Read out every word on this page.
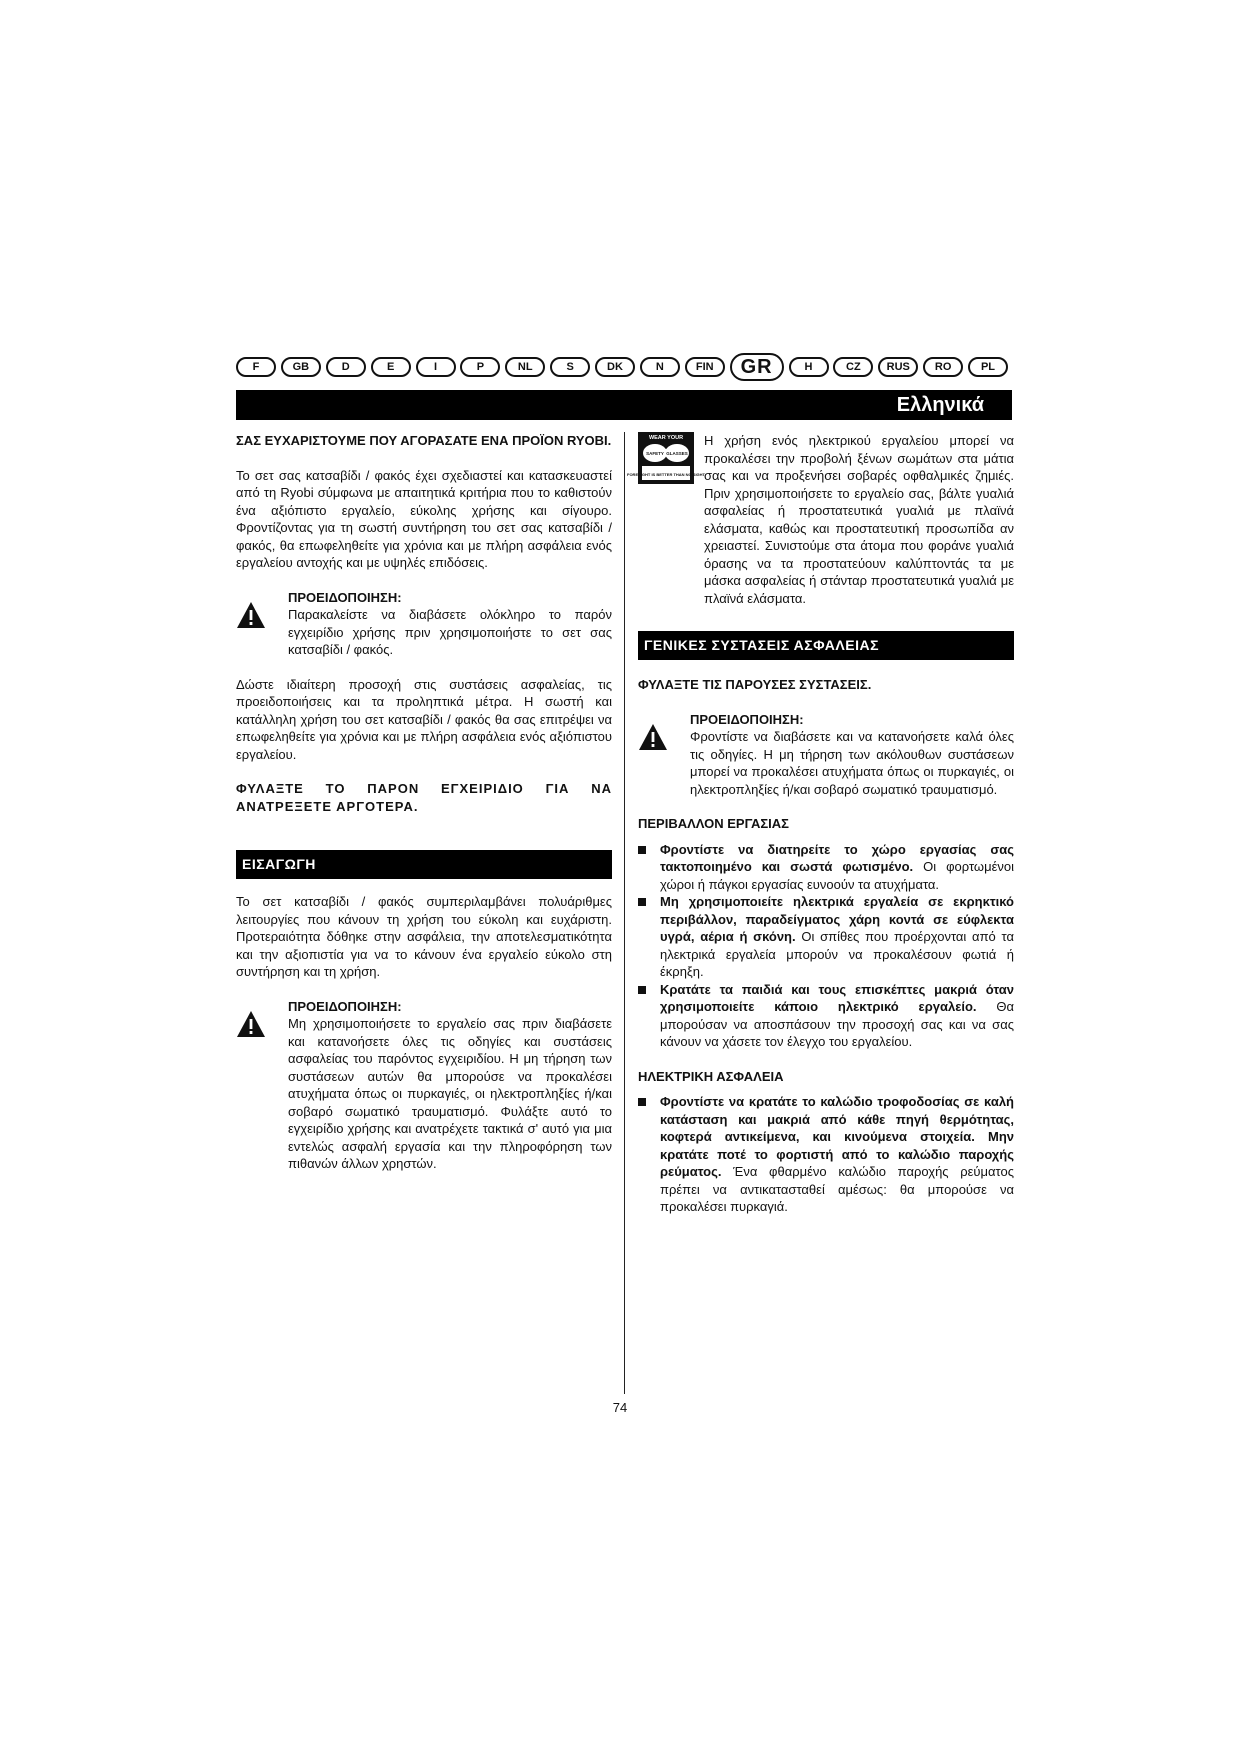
F	GB	D	E	I	P	NL	S	DK	N	FIN	GR	H	CZ	RUS	RO	PL
Ελληνικά

ΣΑΣ ΕΥΧΑΡΙΣΤΟΥΜΕ ΠΟΥ ΑΓΟΡΑΣΑΤΕ ΕΝΑ ΠΡΟΪΟΝ RYOBI.

Το σετ σας κατσαβίδι / φακός έχει σχεδιαστεί και κατασκευαστεί από τη Ryobi σύμφωνα με απαιτητικά κριτήρια που το καθιστούν ένα αξιόπιστο εργαλείο, εύκολης χρήσης και σίγουρο. Φροντίζοντας για τη σωστή συντήρηση του σετ σας κατσαβίδι / φακός, θα επωφεληθείτε για χρόνια και με πλήρη ασφάλεια ενός εργαλείου αντοχής και με υψηλές επιδόσεις.

ΠΡΟΕΙΔΟΠΟΙΗΣΗ:

Παρακαλείστε να διαβάσετε ολόκληρο το παρόν εγχειρίδιο χρήσης πριν χρησιμοποιήστε το σετ σας κατσαβίδι / φακός.

Δώστε ιδιαίτερη προσοχή στις συστάσεις ασφαλείας, τις προειδοποιήσεις και τα προληπτικά μέτρα. Η σωστή και κατάλληλη χρήση του σετ κατσαβίδι / φακός θα σας επιτρέψει να επωφεληθείτε για χρόνια και με πλήρη ασφάλεια ενός αξιόπιστου εργαλείου.

ΦΥΛΑΞΤΕ ΤΟ ΠΑΡΟΝ ΕΓΧΕΙΡΙΔΙΟ ΓΙΑ ΝΑ ΑΝΑΤΡΕΞΕΤΕ ΑΡΓΟΤΕΡΑ.

ΕΙΣΑΓΩΓΗ

Το σετ κατσαβίδι / φακός συμπεριλαμβάνει πολυάριθμες λειτουργίες που κάνουν τη χρήση του εύκολη και ευχάριστη. Προτεραιότητα δόθηκε στην ασφάλεια, την αποτελεσματικότητα και την αξιοπιστία για να το κάνουν ένα εργαλείο εύκολο στη συντήρηση και τη χρήση.

ΠΡΟΕΙΔΟΠΟΙΗΣΗ:

Μη χρησιμοποιήσετε το εργαλείο σας πριν διαβάσετε και κατανοήσετε όλες τις οδηγίες και συστάσεις ασφαλείας του παρόντος εγχειριδίου. Η μη τήρηση των συστάσεων αυτών θα μπορούσε να προκαλέσει ατυχήματα όπως οι πυρκαγιές, οι ηλεκτροπληξίες ή/και σοβαρό σωματικό τραυματισμό. Φυλάξτε αυτό το εγχειρίδιο χρήσης και ανατρέχετε τακτικά σ' αυτό για μια εντελώς ασφαλή εργασία και την πληροφόρηση των πιθανών άλλων χρηστών.

WEAR YOUR
SAFETY GLASSES
FORESIGHT IS BETTER THAN NO SIGHT

Η χρήση ενός ηλεκτρικού εργαλείου μπορεί να προκαλέσει την προβολή ξένων σωμάτων στα μάτια σας και να προξενήσει σοβαρές οφθαλμικές ζημιές. Πριν χρησιμοποιήσετε το εργαλείο σας, βάλτε γυαλιά ασφαλείας ή προστατευτικά γυαλιά με πλαϊνά ελάσματα, καθώς και προστατευτική προσωπίδα αν χρειαστεί. Συνιστούμε στα άτομα που φοράνε γυαλιά όρασης να τα προστατεύουν καλύπτοντάς τα με μάσκα ασφαλείας ή στάνταρ προστατευτικά γυαλιά με πλαϊνά ελάσματα.

ΓΕΝΙΚΕΣ ΣΥΣΤΑΣΕΙΣ ΑΣΦΑΛΕΙΑΣ

ΦΥΛΑΞΤΕ ΤΙΣ ΠΑΡΟΥΣΕΣ ΣΥΣΤΑΣΕΙΣ.

ΠΡΟΕΙΔΟΠΟΙΗΣΗ:

Φροντίστε να διαβάσετε και να κατανοήσετε καλά όλες τις οδηγίες. Η μη τήρηση των ακόλουθων συστάσεων μπορεί να προκαλέσει ατυχήματα όπως οι πυρκαγιές, οι ηλεκτροπληξίες ή/και σοβαρό σωματικό τραυματισμό.

ΠΕΡΙΒΑΛΛΟΝ ΕΡΓΑΣΙΑΣ

Φροντίστε να διατηρείτε το χώρο εργασίας σας τακτοποιημένο και σωστά φωτισμένο. Οι φορτωμένοι χώροι ή πάγκοι εργασίας ευνοούν τα ατυχήματα.

Μη χρησιμοποιείτε ηλεκτρικά εργαλεία σε εκρηκτικό περιβάλλον, παραδείγματος χάρη κοντά σε εύφλεκτα υγρά, αέρια ή σκόνη. Οι σπίθες που προέρχονται από τα ηλεκτρικά εργαλεία μπορούν να προκαλέσουν φωτιά ή έκρηξη.

Κρατάτε τα παιδιά και τους επισκέπτες μακριά όταν χρησιμοποιείτε κάποιο ηλεκτρικό εργαλείο. Θα μπορούσαν να αποσπάσουν την προσοχή σας και να σας κάνουν να χάσετε τον έλεγχο του εργαλείου.

ΗΛΕΚΤΡΙΚΗ ΑΣΦΑΛΕΙΑ

Φροντίστε να κρατάτε το καλώδιο τροφοδοσίας σε καλή κατάσταση και μακριά από κάθε πηγή θερμότητας, κοφτερά αντικείμενα, και κινούμενα στοιχεία. Μην κρατάτε ποτέ το φορτιστή από το καλώδιο παροχής ρεύματος. Ένα φθαρμένο καλώδιο παροχής ρεύματος πρέπει να αντικατασταθεί αμέσως: θα μπορούσε να προκαλέσει πυρκαγιά.

74
